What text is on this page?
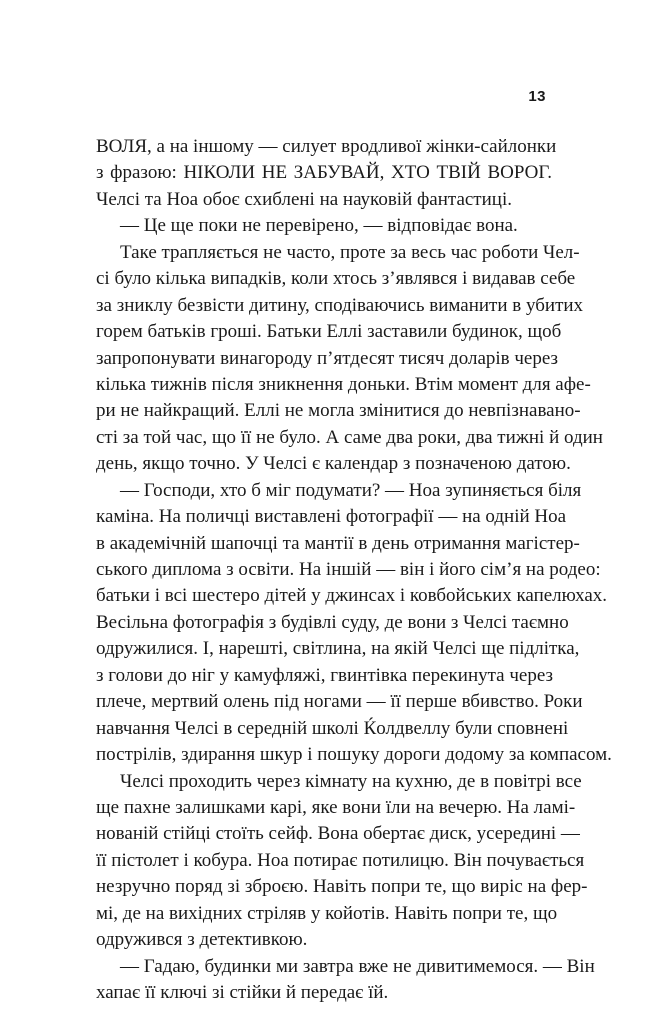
13
ВОЛЯ, а на іншому — силует вродливої жінки-сайлонки
з фразою: НІКОЛИ НЕ ЗАБУВАЙ, ХТО ТВІЙ ВОРОГ.
Челсі та Ноа обоє схиблені на науковій фантастиці.
— Це ще поки не перевірено, — відповідає вона.
Таке трапляється не часто, проте за весь час роботи Чел-
сі було кілька випадків, коли хтось з’являвся і видавав себе
за зниклу безвісти дитину, сподіваючись виманити в убитих
горем батьків гроші. Батьки Еллі заставили будинок, щоб
запропонувати винагороду п’ятдесят тисяч доларів через
кілька тижнів після зникнення доньки. Втім момент для афе-
ри не найкращий. Еллі не могла змінитися до невпізнавано-
сті за той час, що її не було. А саме два роки, два тижні й один
день, якщо точно. У Челсі є календар з позначеною датою.
— Господи, хто б міг подумати? — Ноа зупиняється біля
каміна. На поличці виставлені фотографії — на одній Ноа
в академічній шапочці та мантії в день отримання магістер-
ського диплома з освіти. На іншій — він і його сім’я на родео:
батьки і всі шестеро дітей у джинсах і ковбойських капелюхах.
Весільна фотографія з будівлі суду, де вони з Челсі таємно
одружилися. І, нарешті, світлина, на якій Челсі ще підлітка,
з голови до ніг у камуфляжі, гвинтівка перекинута через
плече, мертвий олень під ногами — її перше вбивство. Роки
навчання Челсі в середній школі Ќолдвеллу були сповнені
пострілів, здирання шкур і пошуку дороги додому за компасом.
Челсі проходить через кімнату на кухню, де в повітрі все
ще пахне залишками карі, яке вони їли на вечерю. На ламі-
нованій стійці стоїть сейф. Вона обертає диск, усередині —
її пістолет і кобура. Ноа потирає потилицю. Він почувається
незручно поряд зі зброєю. Навіть попри те, що виріс на фер-
мі, де на вихідних стріляв у койотів. Навіть попри те, що
одружився з детективкою.
— Гадаю, будинки ми завтра вже не дивитимемося. — Він
хапає її ключі зі стійки й передає їй.
